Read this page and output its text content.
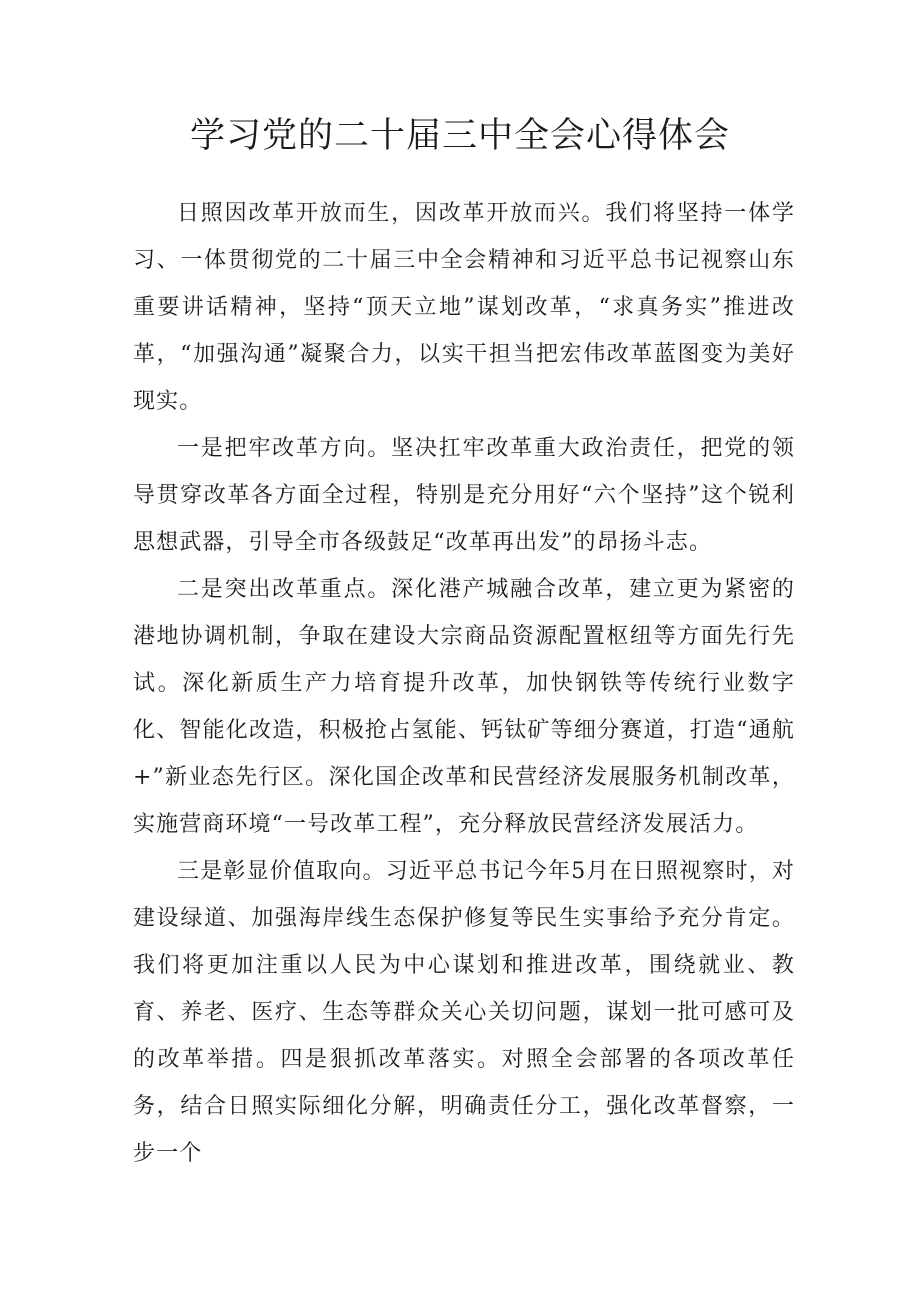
学习党的二十届三中全会心得体会

日照因改革开放而生，因改革开放而兴。我们将坚持一体学习、一体贯彻党的二十届三中全会精神和习近平总书记视察山东重要讲话精神，坚持“顶天立地”谋划改革，“求真务实”推进改革，“加强沟通”凝聚合力，以实干担当把宏伟改革蓝图变为美好现实。

一是把牢改革方向。坚决扛牢改革重大政治责任，把党的领导贯穿改革各方面全过程，特别是充分用好“六个坚持”这个锐利思想武器，引导全市各级鼓足“改革再出发”的昂扬斗志。

二是突出改革重点。深化港产城融合改革，建立更为紧密的港地协调机制，争取在建设大宗商品资源配置枢纽等方面先行先试。深化新质生产力培育提升改革，加快钢铁等传统行业数字化、智能化改造，积极抢占氢能、钙钛矿等细分赛道，打造“通航+”新业态先行区。深化国企改革和民营经济发展服务机制改革，实施营商环境“一号改革工程”，充分释放民营经济发展活力。

三是彰显价值取向。习近平总书记今年5月在日照视察时，对建设绿道、加强海岸线生态保护修复等民生实事给予充分肯定。我们将更加注重以人民为中心谋划和推进改革，围绕就业、教育、养老、医疗、生态等群众关心关切问题，谋划一批可感可及的改革举措。四是狠抓改革落实。对照全会部署的各项改革任务，结合日照实际细化分解，明确责任分工，强化改革督察，一步一个
